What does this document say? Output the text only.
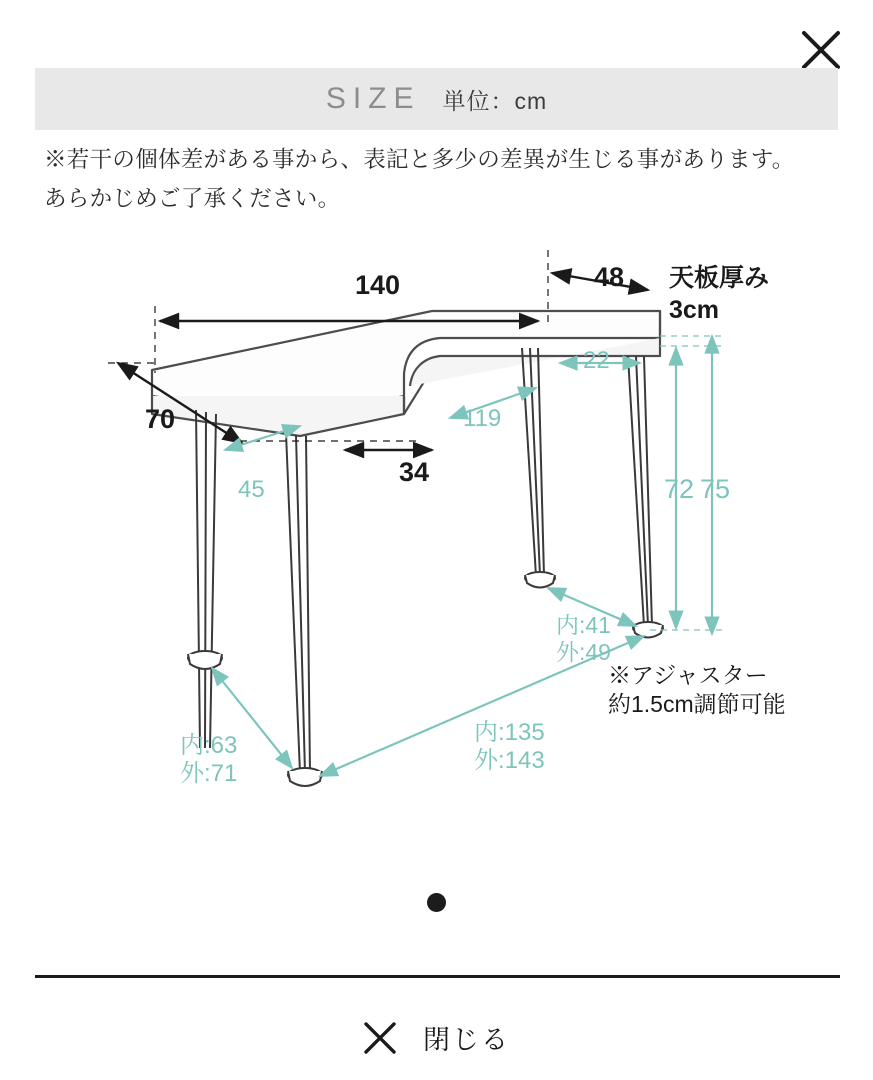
SIZE 単位：cm
※若干の個体差がある事から、表記と多少の差異が生じる事があります。
あらかじめご了承ください。
140	48 天板厚み
3cm
70
34
22
119
45	72 75
内:41
外:49
内:63
外:71
内:135
外:143
※アジャスター
約1.5cm調節可能
閉じる
